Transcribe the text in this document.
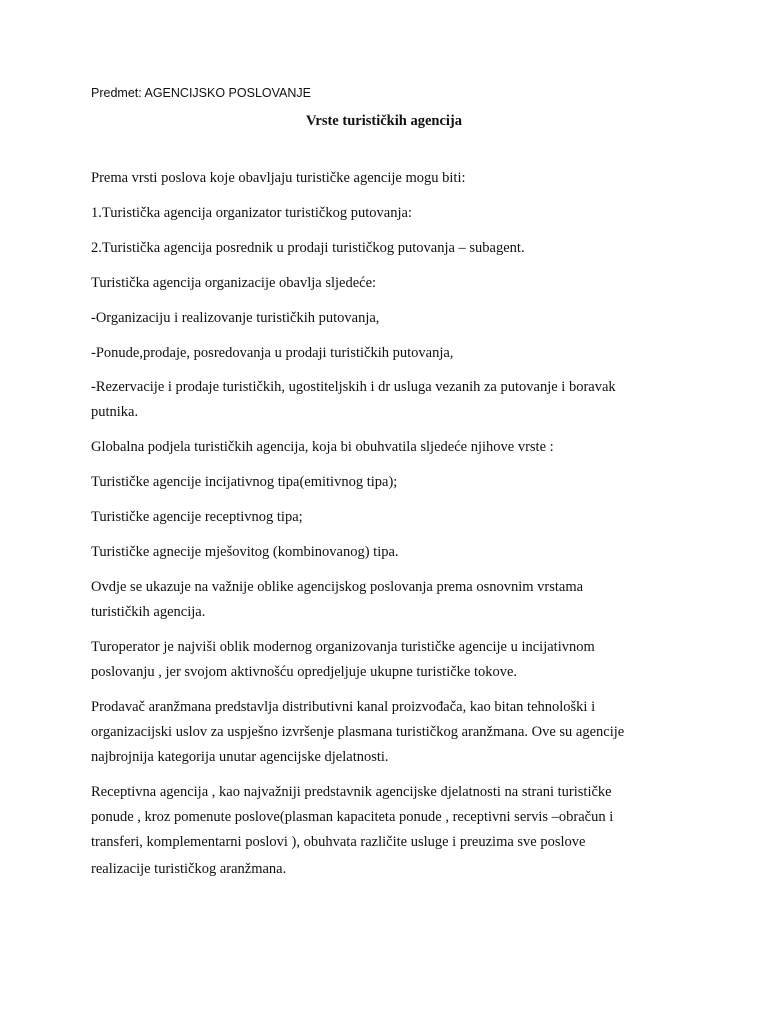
Predmet: AGENCIJSKO POSLOVANJE
Vrste turističkih agencija
Prema vrsti poslova koje obavljaju turističke agencije mogu biti:
1.Turistička agencija organizator turističkog putovanja:
2.Turistička agencija posrednik u prodaji turističkog putovanja – subagent.
Turistička agencija organizacije obavlja sljedeće:
-Organizaciju i realizovanje turističkih putovanja,
-Ponude,prodaje, posredovanja u prodaji turističkih putovanja,
-Rezervacije i prodaje turističkih, ugostiteljskih i dr usluga vezanih za putovanje i boravak
putnika.
Globalna podjela turističkih agencija, koja bi obuhvatila sljedeće njihove vrste :
Turističke agencije incijativnog tipa(emitivnog tipa);
Turističke agencije receptivnog tipa;
Turističke agnecije mješovitog (kombinovanog) tipa.
Ovdje se ukazuje na važnije oblike agencijskog poslovanja prema osnovnim vrstama
turističkih agencija.
Turoperator je najviši oblik modernog organizovanja turističke agencije u incijativnom
poslovanju , jer svojom aktivnošću opredjeljuje ukupne turističke tokove.
Prodavač aranžmana predstavlja distributivni kanal proizvođača, kao bitan tehnološki i
organizacijski uslov za uspješno izvršenje plasmana turističkog aranžmana. Ove su agencije
najbrojnija kategorija unutar agencijske djelatnosti.
Receptivna agencija , kao najvažniji predstavnik agencijske djelatnosti na strani turističke
ponude , kroz pomenute poslove(plasman kapaciteta ponude , receptivni servis –obračun i
transferi, komplementarni poslovi ), obuhvata različite usluge i preuzima sve poslove
realizacije turističkog aranžmana.
